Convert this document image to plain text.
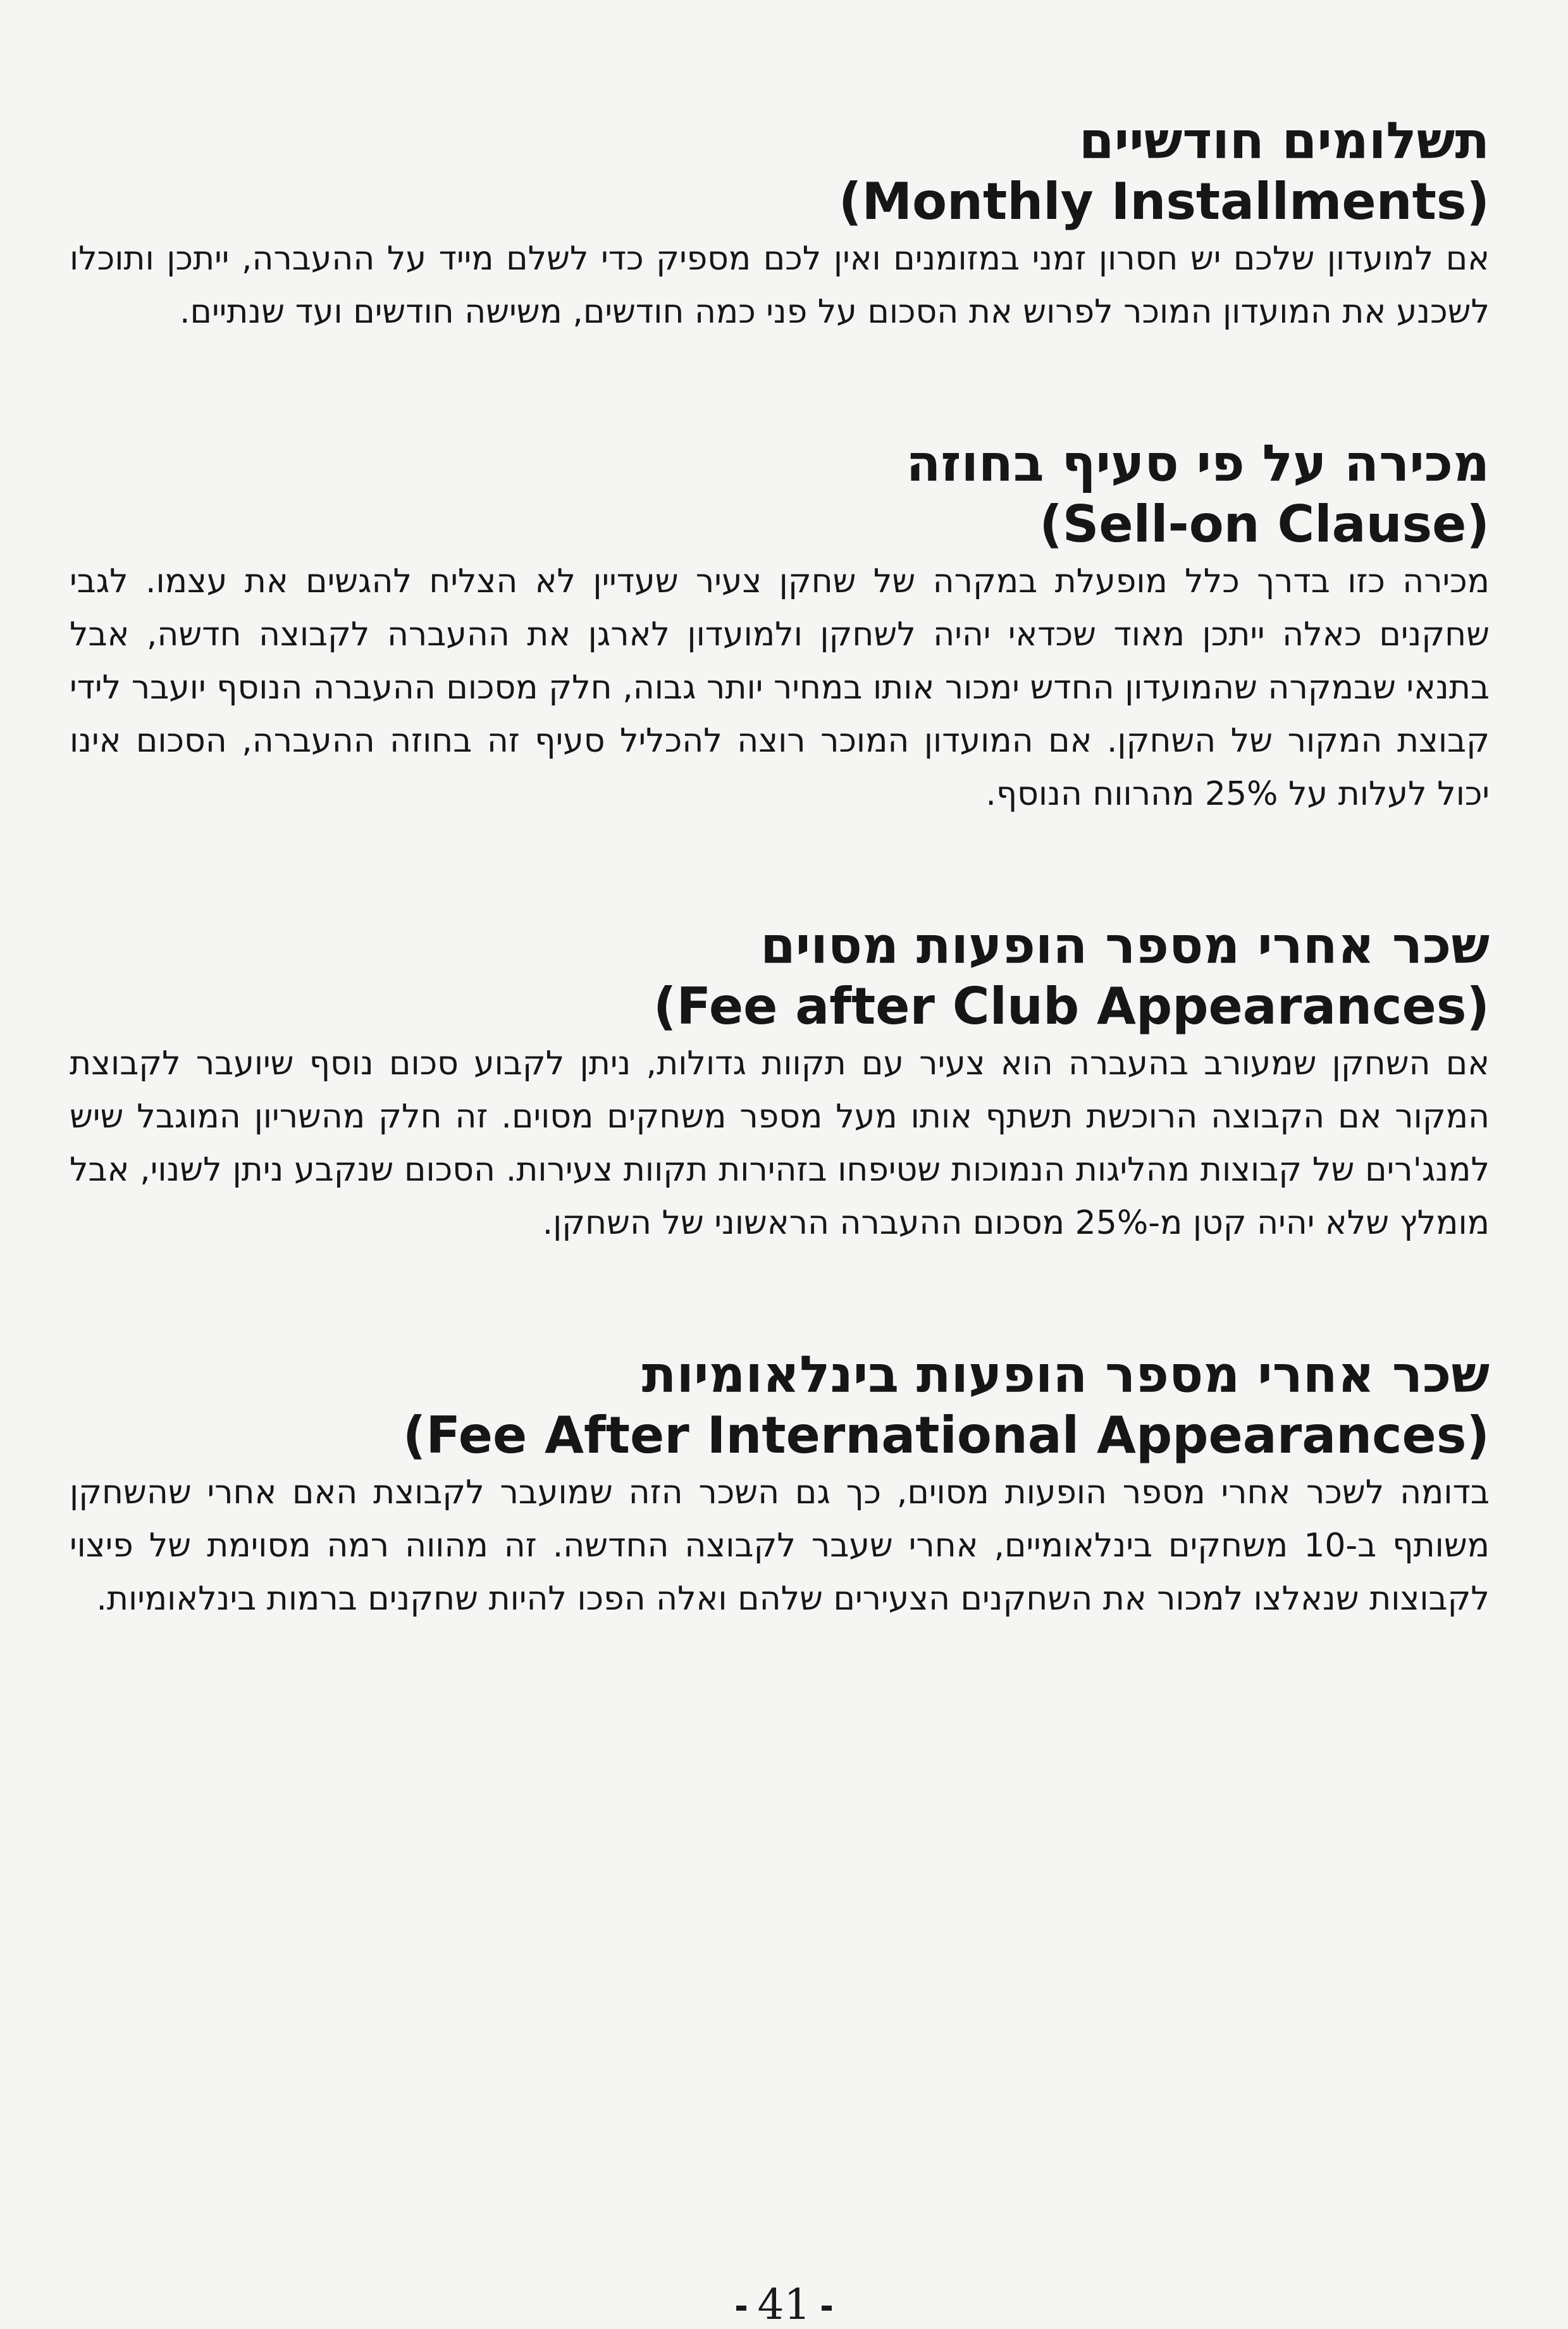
תשלומים חודשיים
(Monthly Installments)
אם למועדון שלכם יש חסרון זמני במזומנים ואין לכם מספיק כדי לשלם מייד על ההעברה, ייתכן ותוכלו לשכנע את המועדון המוכר לפרוש את הסכום על פני כמה חודשים, משישה חודשים ועד שנתיים.
מכירה על פי סעיף בחוזה
(Sell-on Clause)
מכירה כזו בדרך כלל מופעלת במקרה של שחקן צעיר שעדיין לא הצליח להגשים את עצמו. לגבי שחקנים כאלה ייתכן מאוד שכדאי יהיה לשחקן ולמועדון לארגן את ההעברה לקבוצה חדשה, אבל בתנאי שבמקרה שהמועדון החדש ימכור אותו במחיר יותר גבוה, חלק מסכום ההעברה הנוסף יועבר לידי קבוצת המקור של השחקן. אם המועדון המוכר רוצה להכליל סעיף זה בחוזה ההעברה, הסכום אינו יכול לעלות על 25% מהרווח הנוסף.
שכר אחרי מספר הופעות מסוים
(Fee after Club Appearances)
אם השחקן שמעורב בהעברה הוא צעיר עם תקוות גדולות, ניתן לקבוע סכום נוסף שיועבר לקבוצת המקור אם הקבוצה הרוכשת תשתף אותו מעל מספר משחקים מסוים. זה חלק מהשריון המוגבל שיש למנג'רים של קבוצות מהליגות הנמוכות שטיפחו בזהירות תקוות צעירות. הסכום שנקבע ניתן לשנוי, אבל מומלץ שלא יהיה קטן מ-25% מסכום ההעברה הראשוני של השחקן.
שכר אחרי מספר הופעות בינלאומיות
(Fee After International Appearances)
בדומה לשכר אחרי מספר הופעות מסוים, כך גם השכר הזה שמועבר לקבוצת האם אחרי שהשחקן משותף ב-10 משחקים בינלאומיים, אחרי שעבר לקבוצה החדשה. זה מהווה רמה מסוימת של פיצוי לקבוצות שנאלצו למכור את השחקנים הצעירים שלהם ואלה הפכו להיות שחקנים ברמות בינלאומיות.
41
